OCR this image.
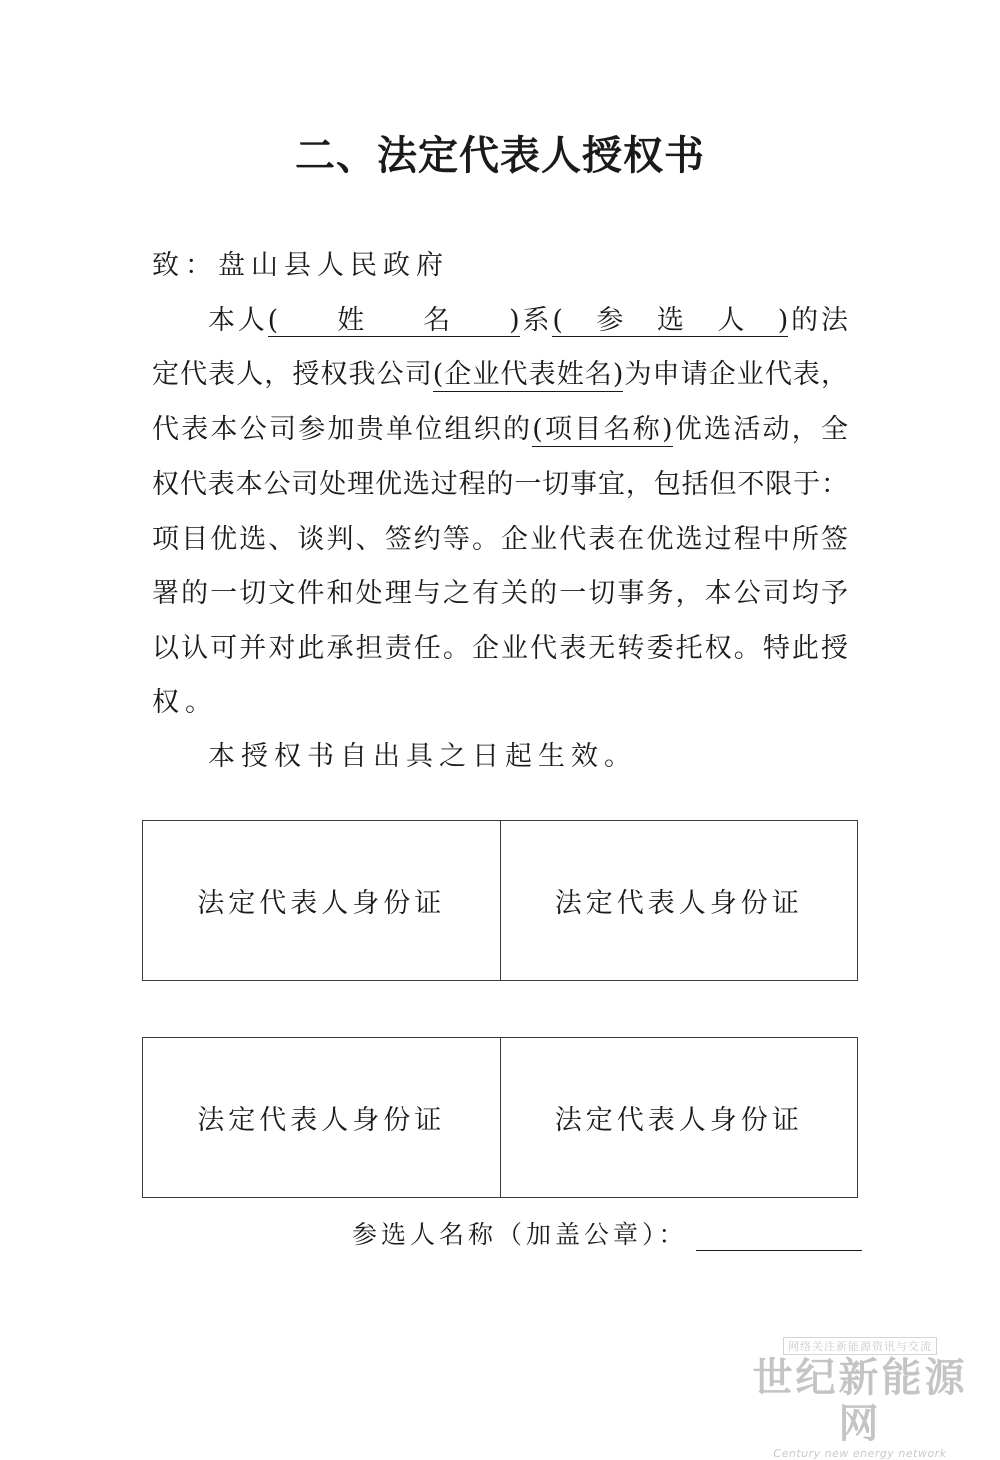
二、法定代表人授权书
致：盘山县人民政府
本人(姓名)系(参选人)的法
定代表人，授权我公司(企业代表姓名)为申请企业代表，
代表本公司参加贵单位组织的(项目名称)优选活动，全
权代表本公司处理优选过程的一切事宜，包括但不限于：
项目优选、谈判、签约等。企业代表在优选过程中所签
署的一切文件和处理与之有关的一切事务，本公司均予
以认可并对此承担责任。企业代表无转委托权。特此授
权。
本授权书自出具之日起生效。
法定代表人身份证	法定代表人身份证
法定代表人身份证	法定代表人身份证
参选人名称（加盖公章）：
网络关注新能源资讯与交流
世纪新能源网
Century new energy network
